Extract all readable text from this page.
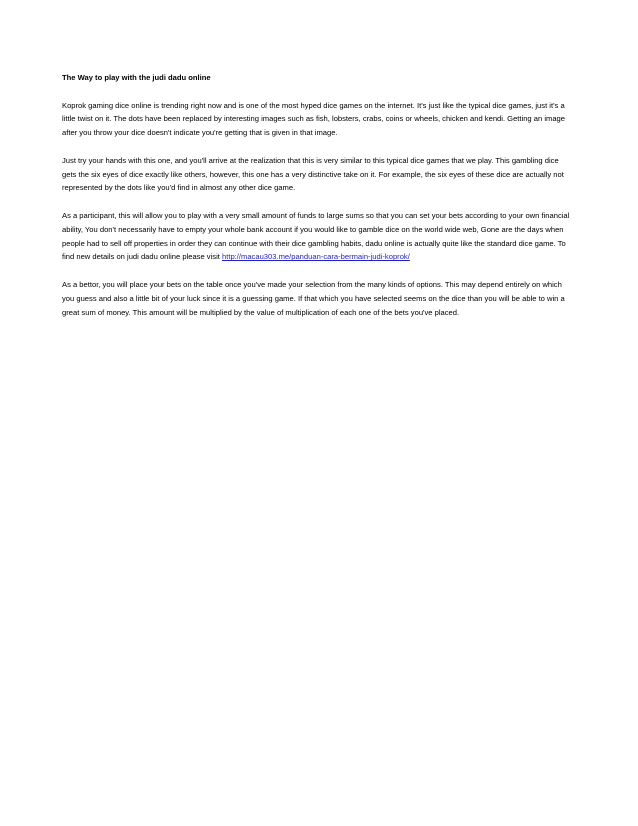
The Way to play with the judi dadu online

Koprok gaming dice online is trending right now and is one of the most hyped dice games on the internet. It's just like the typical dice games, just it's a little twist on it. The dots have been replaced by interesting images such as fish, lobsters, crabs, coins or wheels, chicken and kendi. Getting an image after you throw your dice doesn't indicate you're getting that is given in that image.

Just try your hands with this one, and you'll arrive at the realization that this is very similar to this typical dice games that we play. This gambling dice gets the six eyes of dice exactly like others, however, this one has a very distinctive take on it. For example, the six eyes of these dice are actually not represented by the dots like you'd find in almost any other dice game.

As a participant, this will allow you to play with a very small amount of funds to large sums so that you can set your bets according to your own financial ability, You don't necessarily have to empty your whole bank account if you would like to gamble dice on the world wide web, Gone are the days when people had to sell off properties in order they can continue with their dice gambling habits, dadu online is actually quite like the standard dice game. To find new details on judi dadu online please visit http://macau303.me/panduan-cara-bermain-judi-koprok/

As a bettor, you will place your bets on the table once you've made your selection from the many kinds of options. This may depend entirely on which you guess and also a little bit of your luck since it is a guessing game. If that which you have selected seems on the dice than you will be able to win a great sum of money. This amount will be multiplied by the value of multiplication of each one of the bets you've placed.
